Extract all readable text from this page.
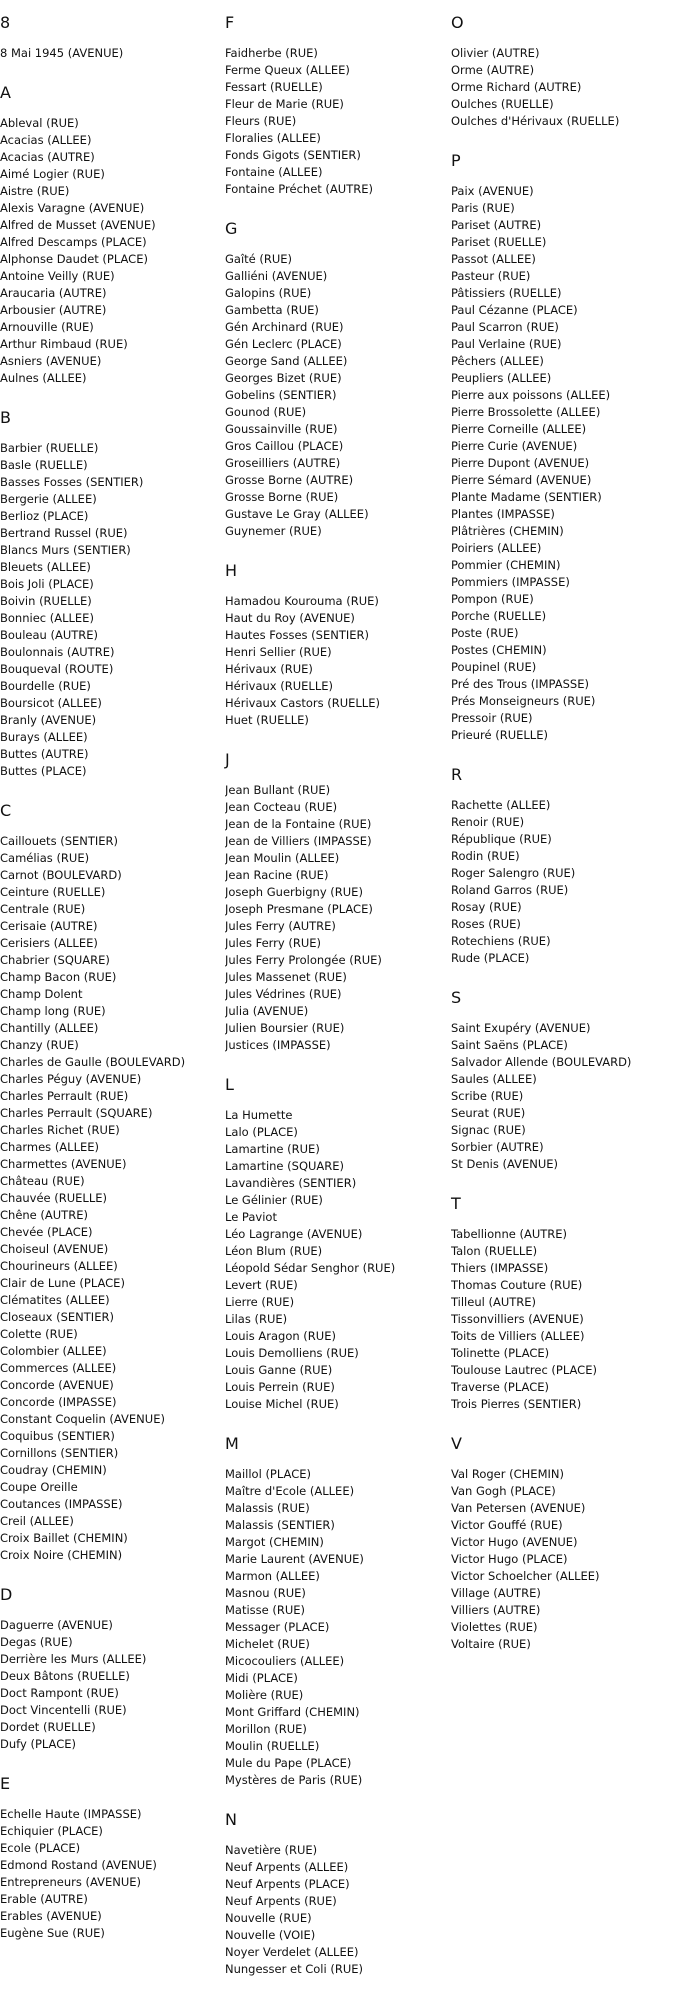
8
8 Mai 1945 (AVENUE)
A
Ableval (RUE)
Acacias (ALLEE)
Acacias (AUTRE)
Aimé Logier (RUE)
Aistre (RUE)
Alexis Varagne (AVENUE)
Alfred de Musset (AVENUE)
Alfred Descamps (PLACE)
Alphonse Daudet (PLACE)
Antoine Veilly (RUE)
Araucaria (AUTRE)
Arbousier (AUTRE)
Arnouville (RUE)
Arthur Rimbaud (RUE)
Asniers (AVENUE)
Aulnes (ALLEE)
B
Barbier (RUELLE)
Basle (RUELLE)
Basses Fosses (SENTIER)
Bergerie (ALLEE)
Berlioz (PLACE)
Bertrand Russel (RUE)
Blancs Murs (SENTIER)
Bleuets (ALLEE)
Bois Joli (PLACE)
Boivin (RUELLE)
Bonniec (ALLEE)
Bouleau (AUTRE)
Boulonnais (AUTRE)
Bouqueval (ROUTE)
Bourdelle (RUE)
Boursicot (ALLEE)
Branly (AVENUE)
Burays (ALLEE)
Buttes (AUTRE)
Buttes (PLACE)
C
Caillouets (SENTIER)
Camélias (RUE)
Carnot (BOULEVARD)
Ceinture (RUELLE)
Centrale (RUE)
Cerisaie (AUTRE)
Cerisiers (ALLEE)
Chabrier (SQUARE)
Champ Bacon (RUE)
Champ Dolent
Champ long (RUE)
Chantilly (ALLEE)
Chanzy (RUE)
Charles de Gaulle (BOULEVARD)
Charles Péguy (AVENUE)
Charles Perrault (RUE)
Charles Perrault (SQUARE)
Charles Richet (RUE)
Charmes (ALLEE)
Charmettes (AVENUE)
Château (RUE)
Chauvée (RUELLE)
Chêne (AUTRE)
Chevée (PLACE)
Choiseul (AVENUE)
Chourineurs (ALLEE)
Clair de Lune (PLACE)
Clématites (ALLEE)
Closeaux (SENTIER)
Colette (RUE)
Colombier (ALLEE)
Commerces (ALLEE)
Concorde (AVENUE)
Concorde (IMPASSE)
Constant Coquelin (AVENUE)
Coquibus (SENTIER)
Cornillons (SENTIER)
Coudray (CHEMIN)
Coupe Oreille
Coutances (IMPASSE)
Creil (ALLEE)
Croix Baillet (CHEMIN)
Croix Noire (CHEMIN)
D
Daguerre (AVENUE)
Degas (RUE)
Derrière les Murs (ALLEE)
Deux Bâtons (RUELLE)
Doct Rampont (RUE)
Doct Vincentelli (RUE)
Dordet (RUELLE)
Dufy (PLACE)
E
Echelle Haute (IMPASSE)
Echiquier (PLACE)
Ecole (PLACE)
Edmond Rostand (AVENUE)
Entrepreneurs (AVENUE)
Erable (AUTRE)
Erables (AVENUE)
Eugène Sue (RUE)
F
Faidherbe (RUE)
Ferme Queux (ALLEE)
Fessart (RUELLE)
Fleur de Marie (RUE)
Fleurs (RUE)
Floralies (ALLEE)
Fonds Gigots (SENTIER)
Fontaine (ALLEE)
Fontaine Préchet (AUTRE)
G
Gaîté (RUE)
Galliéni (AVENUE)
Galopins (RUE)
Gambetta (RUE)
Gén Archinard (RUE)
Gén Leclerc (PLACE)
George Sand (ALLEE)
Georges Bizet (RUE)
Gobelins (SENTIER)
Gounod (RUE)
Goussainville (RUE)
Gros Caillou (PLACE)
Groseilliers (AUTRE)
Grosse Borne (AUTRE)
Grosse Borne (RUE)
Gustave Le Gray (ALLEE)
Guynemer (RUE)
H
Hamadou Kourouma (RUE)
Haut du Roy (AVENUE)
Hautes Fosses (SENTIER)
Henri Sellier (RUE)
Hérivaux (RUE)
Hérivaux (RUELLE)
Hérivaux Castors (RUELLE)
Huet (RUELLE)
J
Jean Bullant (RUE)
Jean Cocteau (RUE)
Jean de la Fontaine (RUE)
Jean de Villiers (IMPASSE)
Jean Moulin (ALLEE)
Jean Racine (RUE)
Joseph Guerbigny (RUE)
Joseph Presmane (PLACE)
Jules Ferry (AUTRE)
Jules Ferry (RUE)
Jules Ferry Prolongée (RUE)
Jules Massenet (RUE)
Jules Védrines (RUE)
Julia (AVENUE)
Julien Boursier (RUE)
Justices (IMPASSE)
L
La Humette
Lalo (PLACE)
Lamartine (RUE)
Lamartine (SQUARE)
Lavandières (SENTIER)
Le Gélinier (RUE)
Le Paviot
Léo Lagrange (AVENUE)
Léon Blum (RUE)
Léopold Sédar Senghor (RUE)
Levert (RUE)
Lierre (RUE)
Lilas (RUE)
Louis Aragon (RUE)
Louis Demolliens (RUE)
Louis Ganne (RUE)
Louis Perrein (RUE)
Louise Michel (RUE)
M
Maillol (PLACE)
Maître d'Ecole (ALLEE)
Malassis (RUE)
Malassis (SENTIER)
Margot (CHEMIN)
Marie Laurent (AVENUE)
Marmon (ALLEE)
Masnou (RUE)
Matisse (RUE)
Messager (PLACE)
Michelet (RUE)
Micocouliers (ALLEE)
Midi (PLACE)
Molière (RUE)
Mont Griffard (CHEMIN)
Morillon (RUE)
Moulin (RUELLE)
Mule du Pape (PLACE)
Mystères de Paris (RUE)
N
Navetière (RUE)
Neuf Arpents (ALLEE)
Neuf Arpents (PLACE)
Neuf Arpents (RUE)
Nouvelle (RUE)
Nouvelle (VOIE)
Noyer Verdelet (ALLEE)
Nungesser et Coli (RUE)
O
Olivier (AUTRE)
Orme (AUTRE)
Orme Richard (AUTRE)
Oulches (RUELLE)
Oulches d'Hérivaux (RUELLE)
P
Paix (AVENUE)
Paris (RUE)
Pariset (AUTRE)
Pariset (RUELLE)
Passot (ALLEE)
Pasteur (RUE)
Pâtissiers (RUELLE)
Paul Cézanne (PLACE)
Paul Scarron (RUE)
Paul Verlaine (RUE)
Pêchers (ALLEE)
Peupliers (ALLEE)
Pierre aux poissons (ALLEE)
Pierre Brossolette (ALLEE)
Pierre Corneille (ALLEE)
Pierre Curie (AVENUE)
Pierre Dupont (AVENUE)
Pierre Sémard (AVENUE)
Plante Madame (SENTIER)
Plantes (IMPASSE)
Plâtrières (CHEMIN)
Poiriers (ALLEE)
Pommier (CHEMIN)
Pommiers (IMPASSE)
Pompon (RUE)
Porche (RUELLE)
Poste (RUE)
Postes (CHEMIN)
Poupinel (RUE)
Pré des Trous (IMPASSE)
Prés Monseigneurs (RUE)
Pressoir (RUE)
Prieuré (RUELLE)
R
Rachette (ALLEE)
Renoir (RUE)
République (RUE)
Rodin (RUE)
Roger Salengro (RUE)
Roland Garros (RUE)
Rosay (RUE)
Roses (RUE)
Rotechiens (RUE)
Rude (PLACE)
S
Saint Exupéry (AVENUE)
Saint Saëns (PLACE)
Salvador Allende (BOULEVARD)
Saules (ALLEE)
Scribe (RUE)
Seurat (RUE)
Signac (RUE)
Sorbier (AUTRE)
St Denis (AVENUE)
T
Tabellionne (AUTRE)
Talon (RUELLE)
Thiers (IMPASSE)
Thomas Couture (RUE)
Tilleul (AUTRE)
Tissonvilliers (AVENUE)
Toits de Villiers (ALLEE)
Tolinette (PLACE)
Toulouse Lautrec (PLACE)
Traverse (PLACE)
Trois Pierres (SENTIER)
V
Val Roger (CHEMIN)
Van Gogh (PLACE)
Van Petersen (AVENUE)
Victor Gouffé (RUE)
Victor Hugo (AVENUE)
Victor Hugo (PLACE)
Victor Schoelcher (ALLEE)
Village (AUTRE)
Villiers (AUTRE)
Violettes (RUE)
Voltaire (RUE)
